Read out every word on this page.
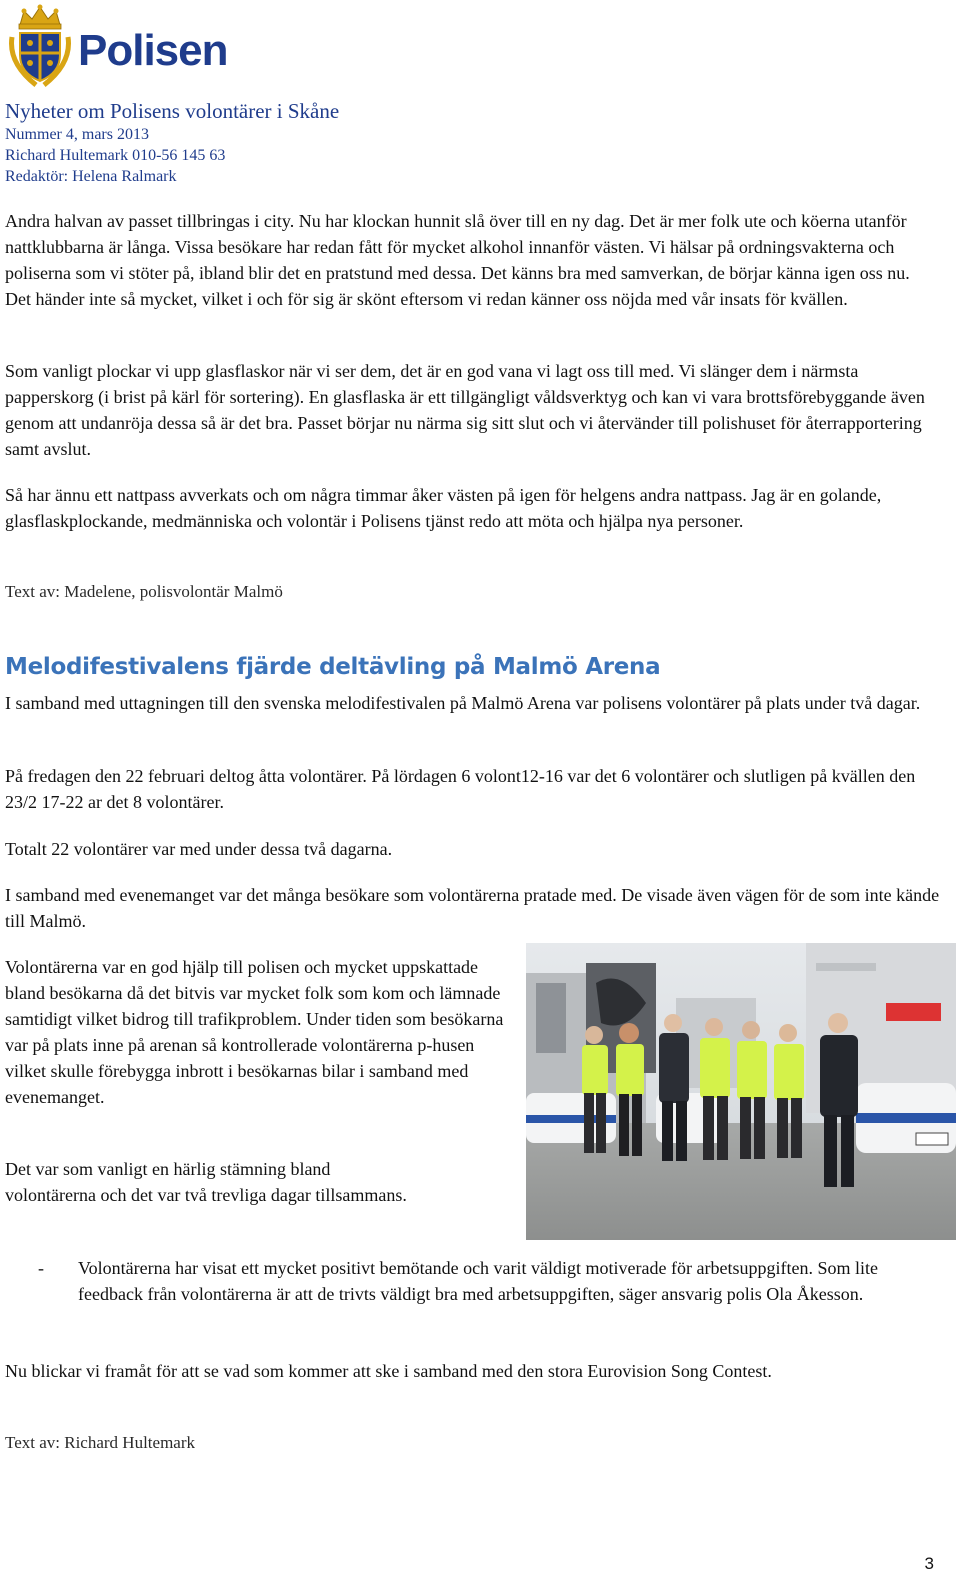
Polisen
Nyheter om Polisens volontärer i Skåne
Nummer 4, mars 2013
Richard Hultemark 010-56 145 63
Redaktör: Helena Ralmark

Andra halvan av passet tillbringas i city. Nu har klockan hunnit slå över till en ny dag. Det är mer folk ute och köerna utanför nattklubbarna är långa. Vissa besökare har redan fått för mycket alkohol innanför västen. Vi hälsar på ordningsvakterna och poliserna som vi stöter på, ibland blir det en pratstund med dessa. Det känns bra med samverkan, de börjar känna igen oss nu. Det händer inte så mycket, vilket i och för sig är skönt eftersom vi redan känner oss nöjda med vår insats för kvällen.

Som vanligt plockar vi upp glasflaskor när vi ser dem, det är en god vana vi lagt oss till med. Vi slänger dem i närmsta papperskorg (i brist på kärl för sortering). En glasflaska är ett tillgängligt våldsverktyg och kan vi vara brottsförebyggande även genom att undanröja dessa så är det bra. Passet börjar nu närma sig sitt slut och vi återvänder till polishuset för återrapportering samt avslut.

Så har ännu ett nattpass avverkats och om några timmar åker västen på igen för helgens andra nattpass. Jag är en golande, glasflaskplockande, medmänniska och volontär i Polisens tjänst redo att möta och hjälpa nya personer.

Text av: Madelene, polisvolontär Malmö

Melodifestivalens fjärde deltävling på Malmö Arena

I samband med uttagningen till den svenska melodifestivalen på Malmö Arena var polisens volontärer på plats under två dagar.

På fredagen den 22 februari deltog åtta volontärer. På lördagen 6 volont12-16 var det 6 volontärer och slutligen på kvällen den 23/2 17-22 ar det 8 volontärer.

Totalt 22 volontärer var med under dessa två dagarna.

I samband med evenemanget var det många besökare som volontärerna pratade med. De visade även vägen för de som inte kände till Malmö.

Volontärerna var en god hjälp till polisen och mycket uppskattade bland besökarna då det bitvis var mycket folk som kom och lämnade samtidigt vilket bidrog till trafikproblem. Under tiden som besökarna var på plats inne på arenan så kontrollerade volontärerna p-husen vilket skulle förebygga inbrott i besökarnas bilar i samband med evenemanget.

Det var som vanligt en härlig stämning bland volontärerna och det var två trevliga dagar tillsammans.

- Volontärerna har visat ett mycket positivt bemötande och varit väldigt motiverade för arbetsuppgiften. Som lite feedback från volontärerna är att de trivts väldigt bra med arbetsuppgiften, säger ansvarig polis Ola Åkesson.

Nu blickar vi framåt för att se vad som kommer att ske i samband med den stora Eurovision Song Contest.

Text av: Richard Hultemark

3
